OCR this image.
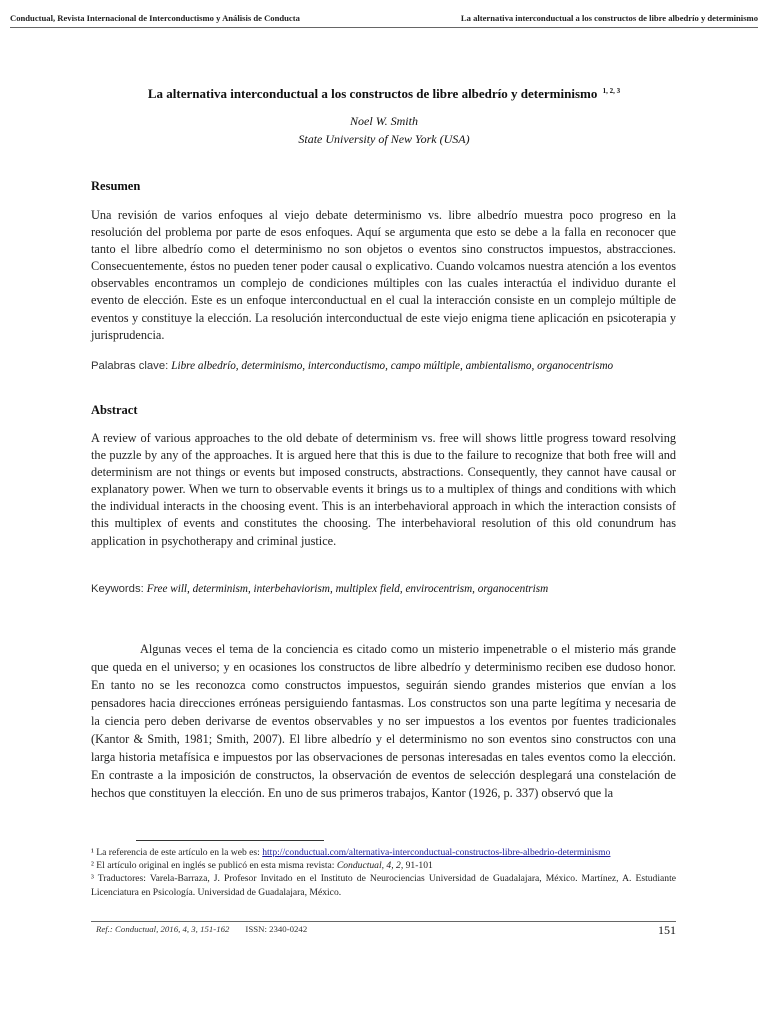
Conductual, Revista Internacional de Interconductismo y Análisis de Conducta	La alternativa interconductual a los constructos de libre albedrío y determinismo
La alternativa interconductual a los constructos de libre albedrío y determinismo $^{1, 2, 3}$
Noel W. Smith
State University of New York (USA)
Resumen
Una revisión de varios enfoques al viejo debate determinismo vs. libre albedrío muestra poco progreso en la resolución del problema por parte de esos enfoques. Aquí se argumenta que esto se debe a la falla en reconocer que tanto el libre albedrío como el determinismo no son objetos o eventos sino constructos impuestos, abstracciones. Consecuentemente, éstos no pueden tener poder causal o explicativo. Cuando volcamos nuestra atención a los eventos observables encontramos un complejo de condiciones múltiples con las cuales interactúa el individuo durante el evento de elección. Este es un enfoque interconductual en el cual la interacción consiste en un complejo múltiple de eventos y constituye la elección. La resolución interconductual de este viejo enigma tiene aplicación en psicoterapia y jurisprudencia.
Palabras clave: Libre albedrío, determinismo, interconductismo, campo múltiple, ambientalismo, organocentrismo
Abstract
A review of various approaches to the old debate of determinism vs. free will shows little progress toward resolving the puzzle by any of the approaches. It is argued here that this is due to the failure to recognize that both free will and determinism are not things or events but imposed constructs, abstractions. Consequently, they cannot have causal or explanatory power. When we turn to observable events it brings us to a multiplex of things and conditions with which the individual interacts in the choosing event. This is an interbehavioral approach in which the interaction consists of this multiplex of events and constitutes the choosing. The interbehavioral resolution of this old conundrum has application in psychotherapy and criminal justice.
Keywords: Free will, determinism, interbehaviorism, multiplex field, envirocentrism, organocentrism
Algunas veces el tema de la conciencia es citado como un misterio impenetrable o el misterio más grande que queda en el universo; y en ocasiones los constructos de libre albedrío y determinismo reciben ese dudoso honor. En tanto no se les reconozca como constructos impuestos, seguirán siendo grandes misterios que envían a los pensadores hacia direcciones erróneas persiguiendo fantasmas. Los constructos son una parte legítima y necesaria de la ciencia pero deben derivarse de eventos observables y no ser impuestos a los eventos por fuentes tradicionales (Kantor & Smith, 1981; Smith, 2007). El libre albedrío y el determinismo no son eventos sino constructos con una larga historia metafísica e impuestos por las observaciones de personas interesadas en tales eventos como la elección. En contraste a la imposición de constructos, la observación de eventos de selección desplegará una constelación de hechos que constituyen la elección. En uno de sus primeros trabajos, Kantor (1926, p. 337) observó que la
¹ La referencia de este artículo en la web es: http://conductual.com/alternativa-interconductual-constructos-libre-albedrio-determinismo
² El artículo original en inglés se publicó en esta misma revista: Conductual, 4, 2, 91-101
³ Traductores: Varela-Barraza, J. Profesor Invitado en el Instituto de Neurociencias Universidad de Guadalajara, México. Martínez, A. Estudiante Licenciatura en Psicología. Universidad de Guadalajara, México.
Ref.: Conductual, 2016, 4, 3, 151-162 ISSN: 2340-0242	151
